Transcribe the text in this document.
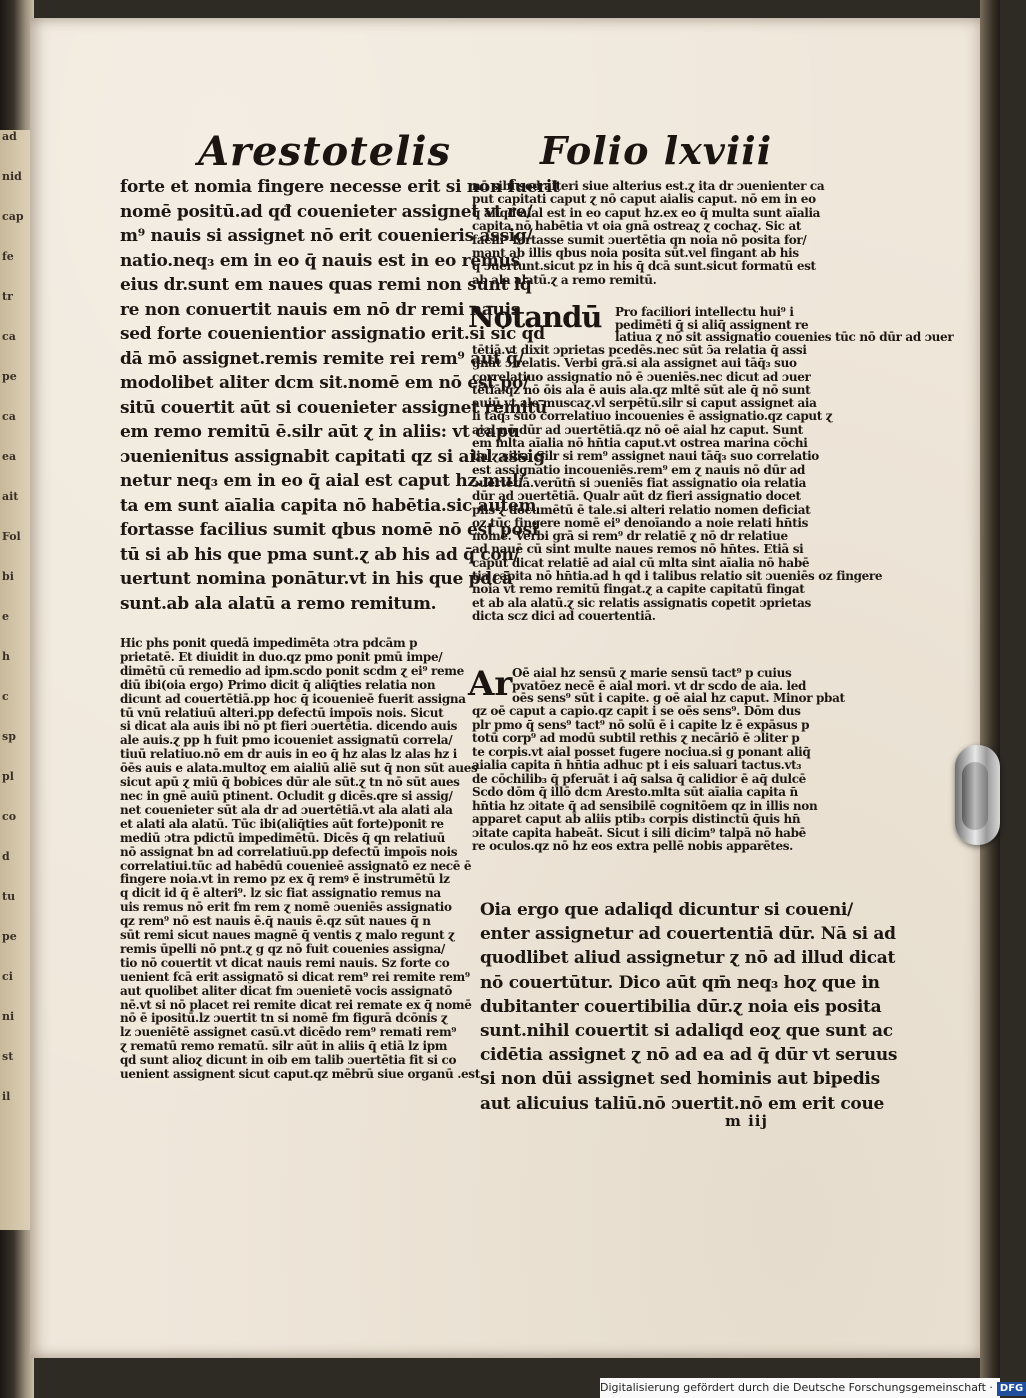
ad
nid
cap
fe
tr
ca
pe
ca
ea
ait
Fol
bi
e
h
c
sp
pl
co
d
tu
pe
ci
ni
st
il
Arestotelis Folio lxviii
forte et nomia fingere necesse erit si non fuerit
nomē positū.ad qđ couenieter assignet vt re/
m⁹ nauis si assignet nō erit couenieris assig/
natio.neq₃ em in eo q̄ nauis est in eo remus
eius dr.sunt em naues quas remi non sunt lq̄
re non conuertit nauis em nō dr remi nauis
sed forte couenientior assignatio erit.si sic qd
dā mō assignet.remis remite rei rem⁹ aut q̄/
modolibet aliter dcm sit.nomē em nō est po/
sitū couertit aūt si couenieter assignet remitū
em remo remitū ē.silr aūt ɀ in aliis: vt capu
ɔuenienitus assignabit capitati qz si aial assig
netur neq₃ em in eo q̄ aial est caput hz.mul/
ta em sunt aīalia capita nō habētia.sic autem
fortasse facilius sumit qbus nomē nō est posi
tū si ab his que pma sunt.ɀ ab his ad q̄ con/
uertunt nomina ponātur.vt in his que pdcā
sunt.ab ala alatū a remo remitum.
Hic phs ponit quedā impedimēta ɔtra pdcām p
prietatē. Et diuidit in duo.qz pmo ponit pmū impe/
dimētū cū remedio ad ipm.scdo ponit scdm ɀ ei⁹ reme
diū ibi(oia ergo) Primo dicit q̄ aliq̄ties relatia non
dicunt ad couertētiā.pp hoc q̄ icouenieē fuerit assigna
tū vnū relatiuū alteri.pp defectū impoīs nois. Sicut
si dicat ala auis ibi nō pt fieri ɔuertētia. dicendo auis
ale auis.ɀ pp h fuit pmo icoueniet assignatū correla/
tiuū relatiuo.nō em dr auis in eo q̄ hz alas lz alas hz i
ōēs auis e alata.multoɀ em aialiū aliē sut q̄ non sūt aues
sicut apū ɀ miū q̄ bobices dūr ale sūt.ɀ tn nō sūt aues
nec in gnē auiū ptinent. Ocludit g dicēs.qre si assig/
net couenieter sūt ala dr ad ɔuertētiā.vt ala alati ala
et alati ala alatū. Tūc ibi(aliq̄ties aūt forte)ponit re
mediū ɔtra pdictū impedimētū. Dicēs q̄ qn relatiuū
nō assignat bn ad correlatiuū.pp defectū impoīs nois
correlatiui.tūc ad habēdū couenieē assignatō ez necē ē
fingere noia.vt in remo pz ex q̄ remꝰ ē instrumētū lz
q dicit id q̄ ē alteri⁹. lz sic fiat assignatio remus na
uis remus nō erit fm rem ɀ nomē ɔueniēs assignatio
qz rem⁹ nō est nauis ē.q̄ nauis ē.qz sūt naues q̄ n
sūt remi sicut naues magnē q̄ ventis ɀ malo regunt ɀ
remis ūpelli nō pnt.ɀ g qz nō fuit couenies assigna/
tio nō couertit vt dicat nauis remi nauis. Sz forte co
uenient fcā erit assignatō si dicat rem⁹ rei remite rem⁹
aut quolibet aliter dicat fm ɔuenietē vocis assignatō
nē.vt si nō placet rei remite dicat rei remate ex q̄ nomē
nō ē ipositū.lz ɔuertit tn si nomē fm figurā dcōnis ɀ
lz ɔueniētē assignet casū.vt dicēdo rem⁹ remati rem⁹
ɀ rematū remo rematū. silr aūt in aliis q̄ etiā lz ipm
qd sunt alioɀ dicunt in oib em talib ɔuertētia fit si co
uenient assignent sicut caput.qz mēbrū siue organū .est
nō sibi sed alteri siue alterius est.ɀ ita dr ɔuenienter ca
put capitati caput ɀ nō caput aialis caput. nō em in eo
q aliqd aial est in eo caput hz.ex eo q̄ multa sunt aīalia
capita nō habētia vt oia gnā ostreaɀ ɀ cochaɀ. Sic at
facili⁹ fortasse sumit ɔuertētia qn noia nō posita for/
mant ab illis qbus noia posita sūt.vel fingant ab his
q̄ ɔuertunt.sicut pz in his q̄ dcā sunt.sicut formatū est
ab ala alatū.ɀ a remo remitū.
Notandū Pro faciliori intellectu hui⁹ i
pedimēti q̄ si aliq̄ assignent re
latiua ɀ nō sit assignatio couenies tūc nō dūr ad ɔuer
tētiā.vt dixit ɔprietas pcedēs.nec sūt ɔ̄a relatia q̄ assi
gnāt ɔ relatis. Verbi grā.si ala assignet aui tāq̄₃ suo
correlatiuo assignatio nō ē ɔueniēs.nec dicut ad ɔuer
tētiā.qz nō ōis ala ē auis ala.qz mltē sūt ale q̄ nō sunt
auiū.vt ale muscaɀ.vl serpētū.silr si caput assignet aia
li tāq̄₃ suo correlatiuo incouenies ē assignatio.qz caput ɀ
aial nō dūr ad ɔuertētiā.qz nō oē aial hz caput. Sunt
em mlta aīalia nō hn̄tia caput.vt ostrea marina cōchi
lia ɀ silia. Silr si rem⁹ assignet naui tāq̄₃ suo correlatio
est assignatio incoueniēs.rem⁹ em ɀ nauis nō dūr ad
ɔuertētiā.verūtn̄ si ɔueniēs fiat assignatio oia relatia
dūr ad ɔuertētiā. Qualr aūt dz fieri assignatio docet
phs ɀ documētū ē tale.si alteri relatio nomen deficiat
oz tūc fingere nomē ei⁹ denoīando a noie relati hn̄tis
nomē. Verbi grā si rem⁹ dr relatiē ɀ nō dr relatiue
ad nauē cū sint multe naues remos nō hn̄tes. Etiā si
caput dicat relatiē ad aial cū mlta sint aīalia nō habē
tia capita nō hn̄tia.ad h qd i talibus relatio sit ɔueniēs oz fingere
noia vt remo remitū fingat.ɀ a capite capitatū fingat
et ab ala alatū.ɀ sic relatis assignatis copetit ɔprietas
dicta scz dici ad couertentiā.
Ar Oē aial hz sensū ɀ marie sensū tact⁹ p cuius
pvatōez necē ē aial mori. vt dr scdo de aia. led
oēs sens⁹ sūt i capite. g oē aial hz caput. Minor pbat
qz oē caput a capio.qz capit i se oēs sens⁹. Dōm dus
plr pmo q̄ sens⁹ tact⁹ nō solū ē i capite lz ē expāsus p
totū corp⁹ ad modū subtil rethis ɀ necāriō ē ɔliter p
te corpis.vt aial posset fugere nociua.si g ponant aliq̄
aialia capita n̄ hn̄tia adhuc pt i eis saluari tactus.vt₃
de cōchilib₃ q̄ pferuāt i aq̄ salsa q̄ calidior ē aq̄ dulcē
Scdo dōm q̄ illō dcm Aresto.mlta sūt aīalia capita n̄
hn̄tia hz ɔitate q̄ ad sensibilē cognitōem qz in illis non
apparet caput ab aliis ptib₃ corpis distinctū q̄uis hn̄
ɔitate capita habeāt. Sicut i sili dicim⁹ talpā nō habē
re oculos.qz nō hz eos extra pellē nobis apparētes.
Oia ergo que adaliqd dicuntur si coueni/
enter assignetur ad couertentiā dūr. Nā si ad
quodlibet aliud assignetur ɀ nō ad illud dicat
nō couertūtur. Dico aūt qm̄ neq₃ hoɀ que in
dubitanter couertibilia dūr.ɀ noia eis posita
sunt.nihil couertit si adaliqd eoɀ que sunt ac
cidētia assignet ɀ nō ad ea ad q̄ dūr vt seruus
si non dūi assignet sed hominis aut bipedis
aut alicuius taliū.nō ɔuertit.nō em erit coue
m iij
Digitalisierung gefördert durch die Deutsche Forschungsgemeinschaft · DFG
